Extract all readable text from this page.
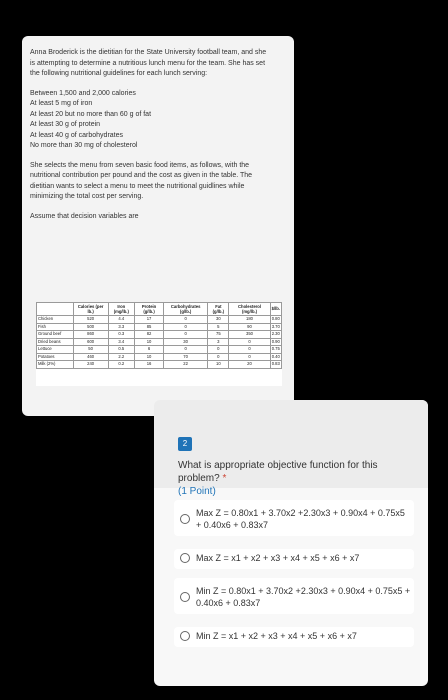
Anna Broderick is the dietitian for the State University football team, and she is attempting to determine a nutritious lunch menu for the team. She has set the following nutritional guidelines for each lunch serving:

Between 1,500 and 2,000 calories
At least 5 mg of iron
At least 20 but no more than 60 g of fat
At least 30 g of protein
At least 40 g of carbohydrates
No more than 30 mg of cholesterol

She selects the menu from seven basic food items, as follows, with the nutritional contribution per pound and the cost as given in the table. The dietitian wants to select a menu to meet the nutritional guidlines while minimizing the total cost per serving.

Assume that decision variables are

	Calories (per lb.)	Iron (mg/lb.)	Protein (g/lb.)	Carbohydrates (g/lb.)	Fat (g/lb.)	Cholesterol (mg/lb.)	$/lb.
Chicken	520	4.4	17	0	30	180	0.80
Fish	500	3.3	85	0	5	90	3.70
Ground beef	860	0.3	82	0	75	350	2.30
Dried beans	600	3.4	10	30	3	0	0.90
Lettuce	50	0.5	6	0	0	0	0.75
Potatoes	460	2.2	10	70	0	0	0.40
Milk (2%)	240	0.2	16	22	10	20	0.83
2
What is appropriate objective function for this problem? *
(1 Point)
Max Z = 0.80x1 + 3.70x2 +2.30x3 + 0.90x4 + 0.75x5 + 0.40x6 + 0.83x7
Max Z = x1 + x2 + x3 + x4 + x5 + x6 + x7
Min Z = 0.80x1 + 3.70x2 +2.30x3 + 0.90x4 + 0.75x5 + 0.40x6 + 0.83x7
Min Z = x1 + x2 + x3 + x4 + x5 + x6 + x7
